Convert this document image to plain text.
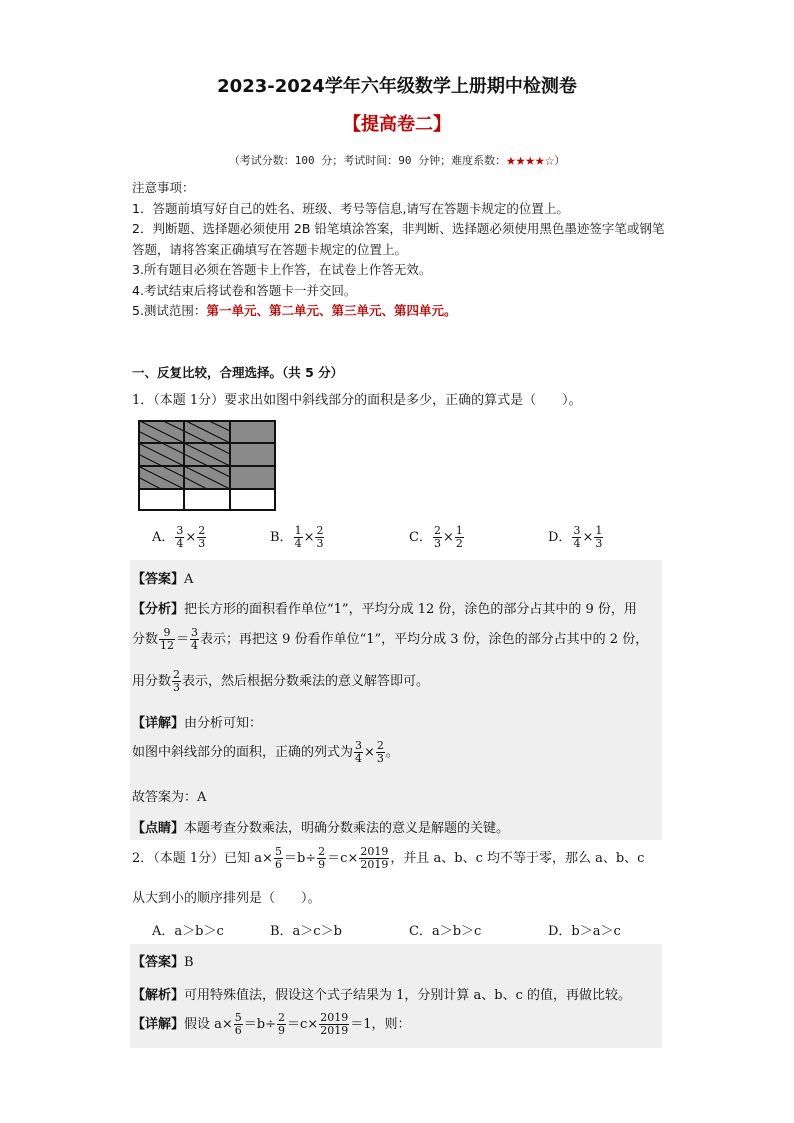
2023-2024学年六年级数学上册期中检测卷
【提高卷二】
（考试分数：100 分；考试时间：90 分钟；难度系数：★★★★☆）
注意事项：
1．答题前填写好自己的姓名、班级、考号等信息,请写在答题卡规定的位置上。
2．判断题、选择题必须使用 2B 铅笔填涂答案，非判断、选择题必须使用黑色墨迹签字笔或钢笔答题，请将答案正确填写在答题卡规定的位置上。
3.所有题目必须在答题卡上作答，在试卷上作答无效。
4.考试结束后将试卷和答题卡一并交回。
5.测试范围：第一单元、第二单元、第三单元、第四单元。
一、反复比较，合理选择。（共 5 分）
1．（本题 1分）要求出如图中斜线部分的面积是多少，正确的算式是（　　）。
A． $\frac{3}{4} \times \frac{2}{3}$	B． $\frac{1}{4} \times \frac{2}{3}$	C． $\frac{2}{3} \times \frac{1}{2}$	D． $\frac{3}{4} \times \frac{1}{3}$
【答案】A
【分析】把长方形的面积看作单位“1”，平均分成 12 份，涂色的部分占其中的 9 份，用
分数 $\frac{9}{12} = \frac{3}{4}$ 表示；再把这 9 份看作单位“1”，平均分成 3 份，涂色的部分占其中的 2 份，
用分数 $\frac{2}{3}$ 表示，然后根据分数乘法的意义解答即可。
【详解】由分析可知：
如图中斜线部分的面积，正确的列式为 $\frac{3}{4} \times \frac{2}{3}$ 。
故答案为：A
【点睛】本题考查分数乘法，明确分数乘法的意义是解题的关键。
2．（本题 1分）已知 $a\times \frac{5}{6} =b\div \frac{2}{9} =c\times \frac{2019}{2019}$ ，并且 a、b、c 均不等于零，那么 a、b、c
从大到小的顺序排列是（　　）。
A．a＞b＞c	B．a＞c＞b	C．a＞b＞c	D．b＞a＞c
【答案】B
【解析】可用特殊值法，假设这个式子结果为 1，分别计算 a、b、c 的值，再做比较。
【详解】假设 $a\times \frac{5}{6} =b\div \frac{2}{9} =c\times \frac{2019}{2019} =1$，则：
